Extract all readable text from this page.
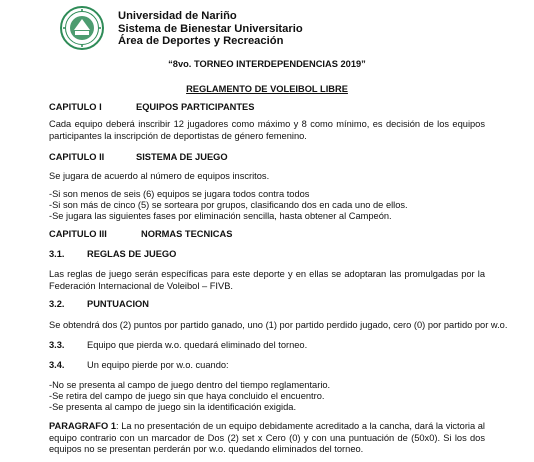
Universidad de Nariño
Sistema de Bienestar Universitario
Área de Deportes y Recreación
“8vo. TORNEO INTERDEPENDENCIAS 2019”
REGLAMENTO DE VOLEIBOL LIBRE
CAPITULO I	EQUIPOS PARTICIPANTES
Cada equipo deberá inscribir 12 jugadores como máximo y 8 como mínimo, es decisión de los equipos participantes la inscripción de deportistas de género femenino.
CAPITULO II	SISTEMA DE JUEGO
Se jugara de acuerdo al número de equipos inscritos.
-Si son menos de seis (6) equipos se jugara todos contra todos
-Si son más de cinco (5) se sorteara por grupos, clasificando dos en cada uno de ellos.
-Se jugara las siguientes fases por eliminación sencilla, hasta obtener al Campeón.
CAPITULO III	NORMAS TECNICAS
3.1. REGLAS DE JUEGO
Las reglas de juego serán específicas para este deporte y en ellas se adoptaran las promulgadas por la Federación Internacional de Voleibol – FIVB.
3.2. PUNTUACION
Se obtendrá dos (2) puntos por partido ganado, uno (1) por partido perdido jugado, cero (0) por partido por w.o.
3.3. Equipo que pierda w.o. quedará eliminado del torneo.
3.4. Un equipo pierde por w.o. cuando:
-No se presenta al campo de juego dentro del tiempo reglamentario.
-Se retira del campo de juego sin que haya concluido el encuentro.
-Se presenta al campo de juego sin la identificación exigida.
PARAGRAFO 1: La no presentación de un equipo debidamente acreditado a la cancha, dará la victoria al equipo contrario con un marcador de Dos (2) set x Cero (0) y con una puntuación de (50x0). Si los dos equipos no se presentan perderán por w.o. quedando eliminados del torneo.
